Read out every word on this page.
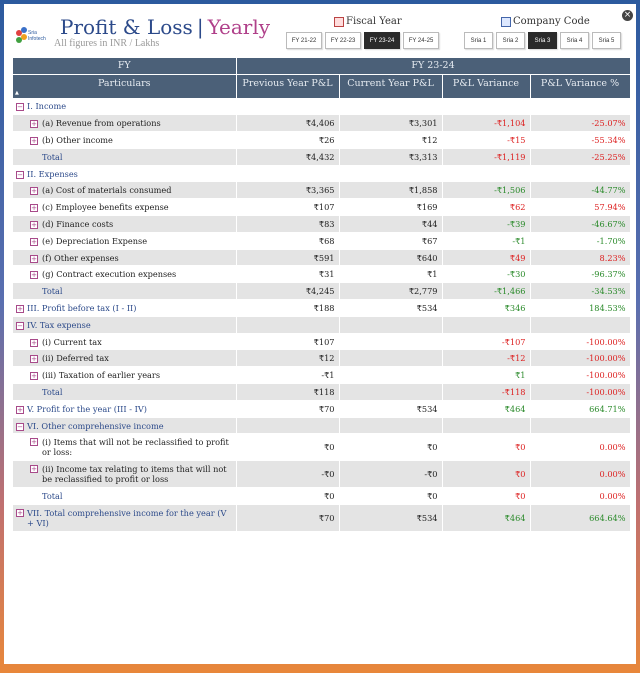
Sria Infotech Profit & Loss | Yearly
All figures in INR / Lakhs
Fiscal Year
FY 21-22	FY 22-23	FY 23-24	FY 24-25
Company Code
Sria 1	Sria 2	Sria 3	Sria 4	Sria 5
×
FY	FY 23-24			
Particulars
▲	Previous Year P&L	Current Year P&L	P&L Variance	P&L Variance %

− I. Income				

+ (a) Revenue from operations	₹4,406	₹3,301	-₹1,104	-25.07%

+ (b) Other income	₹26	₹12	-₹15	-55.34%

Total	₹4,432	₹3,313	-₹1,119	-25.25%

− II. Expenses				

+ (a) Cost of materials consumed	₹3,365	₹1,858	-₹1,506	-44.77%

+ (c) Employee benefits expense	₹107	₹169	₹62	57.94%

+ (d) Finance costs	₹83	₹44	-₹39	-46.67%

+ (e) Depreciation Expense	₹68	₹67	-₹1	-1.70%

+ (f) Other expenses	₹591	₹640	₹49	8.23%

+ (g) Contract execution expenses	₹31	₹1	-₹30	-96.37%

Total	₹4,245	₹2,779	-₹1,466	-34.53%

+ III. Profit before tax (I - II)	₹188	₹534	₹346	184.53%

− IV. Tax expense				

+ (i) Current tax	₹107		-₹107	-100.00%

+ (ii) Deferred tax	₹12		-₹12	-100.00%

+ (iii) Taxation of earlier years	-₹1		₹1	-100.00%

Total	₹118		-₹118	-100.00%

+ V. Profit for the year (III - IV)	₹70	₹534	₹464	664.71%

− VI. Other comprehensive income				

+ (i) Items that will not be reclassified to profit or loss:	₹0	₹0	₹0	0.00%

+ (ii) Income tax relating to items that will not be reclassified to profit or loss	-₹0	-₹0	₹0	0.00%

Total	₹0	₹0	₹0	0.00%

+ VII. Total comprehensive income for the year (V + VI)	₹70	₹534	₹464	664.64%
